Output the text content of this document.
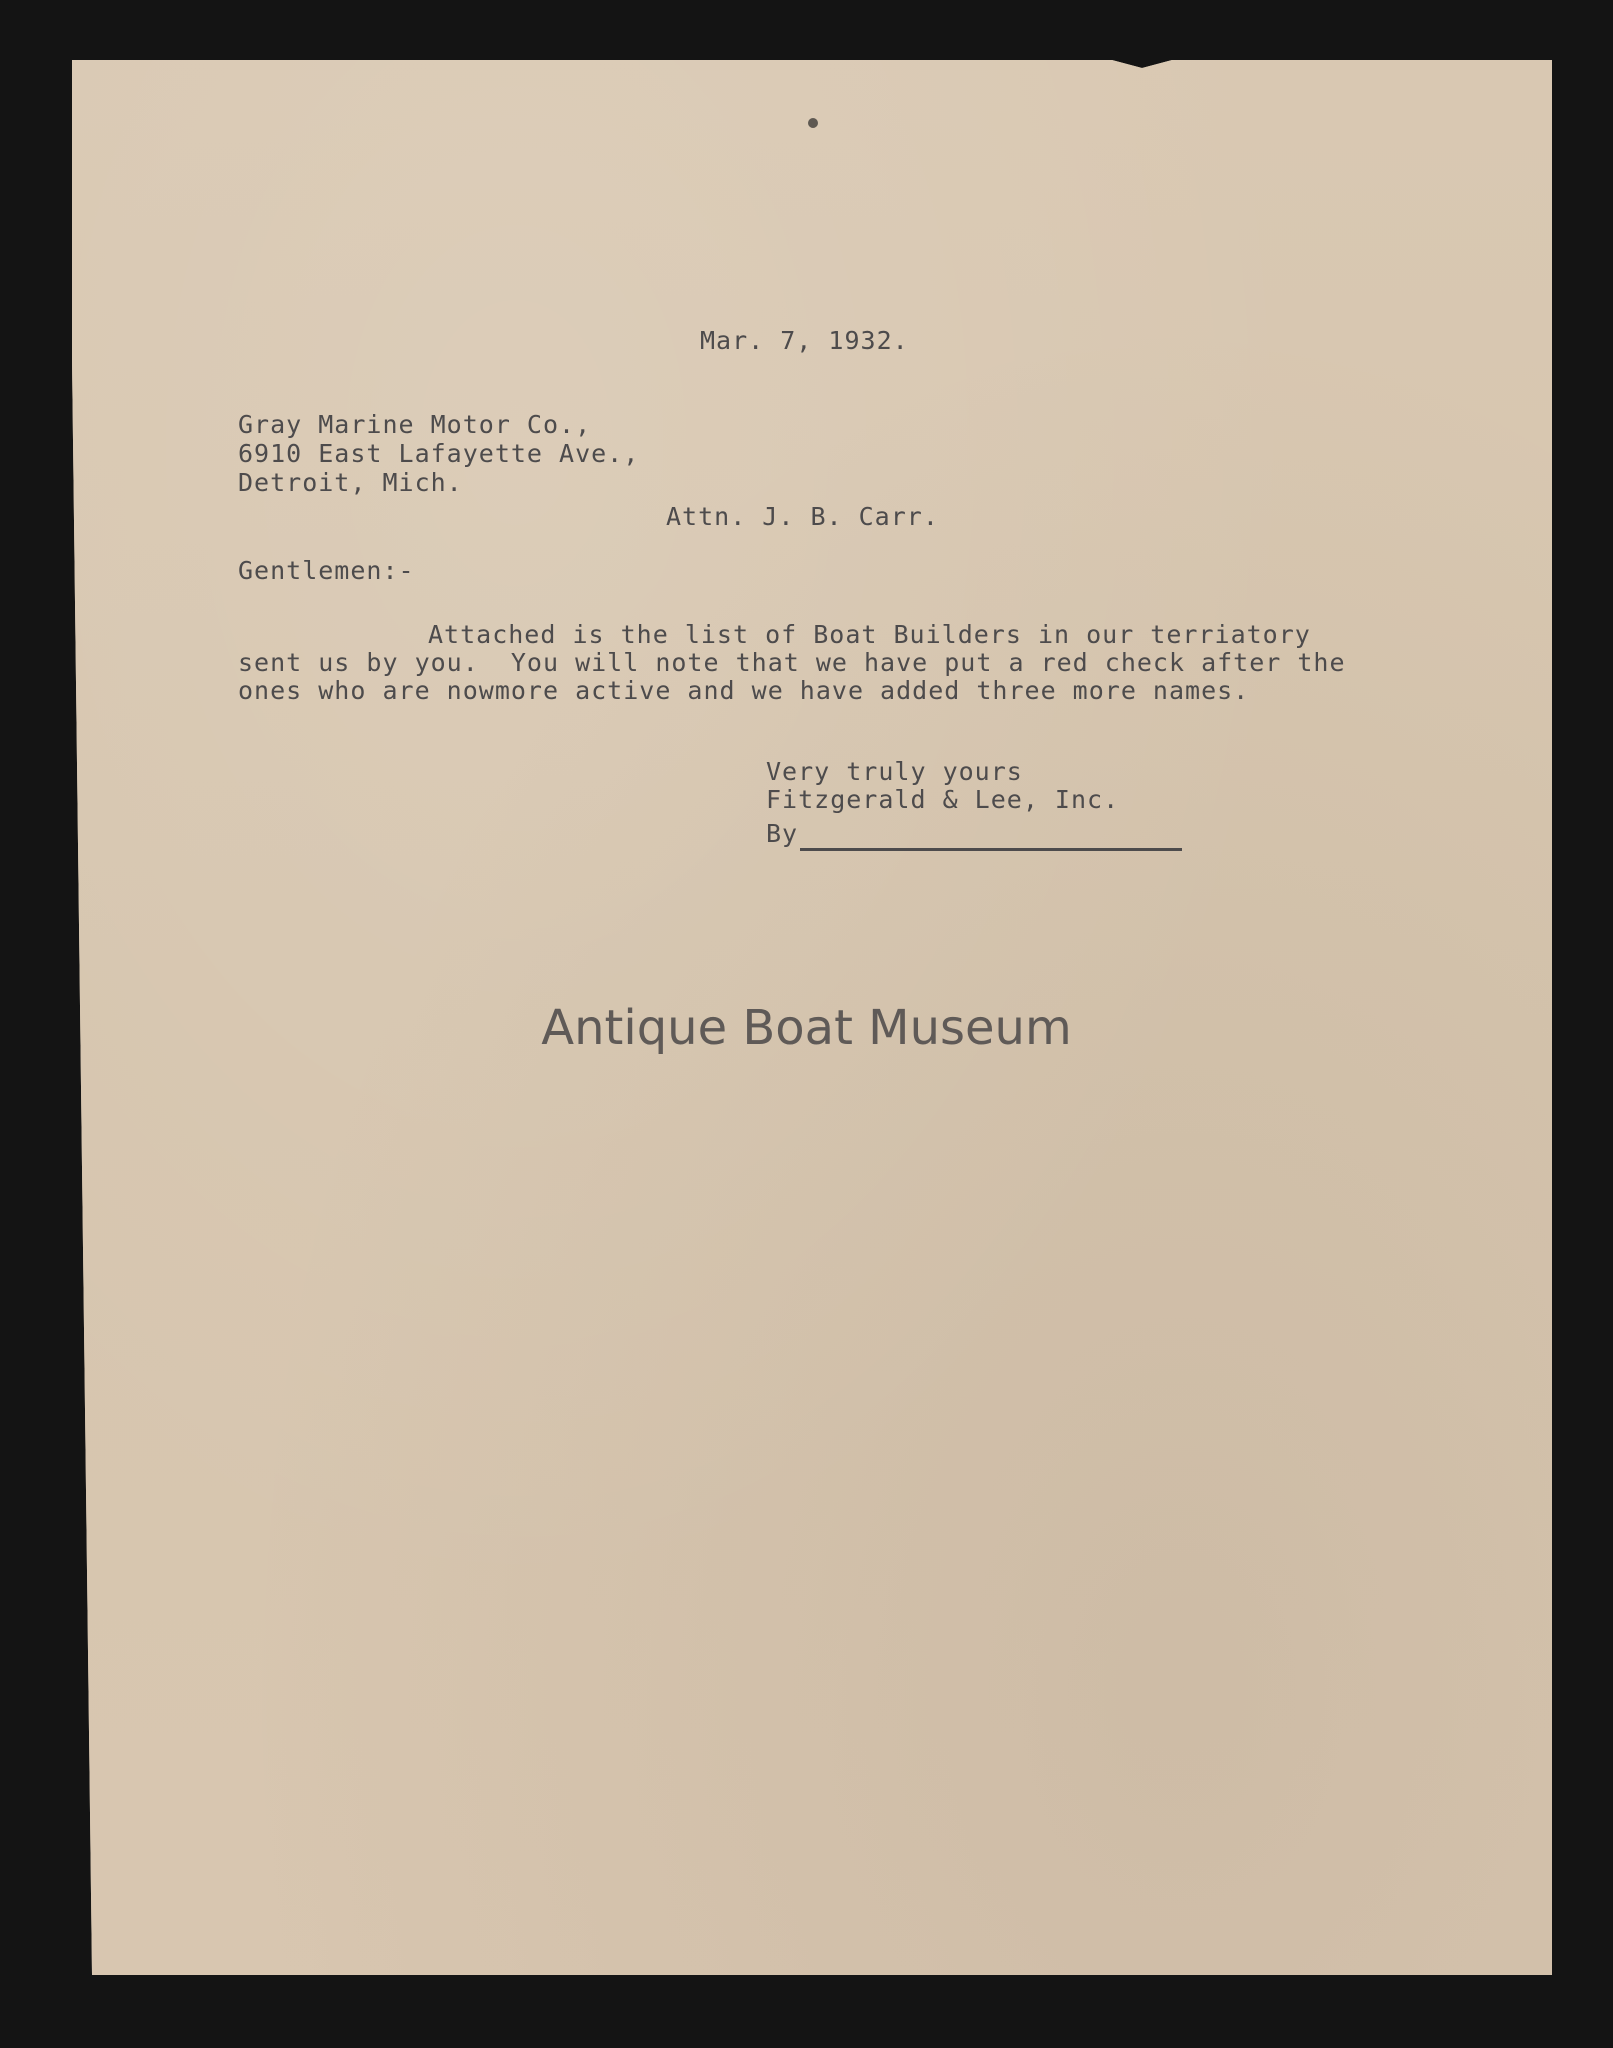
Mar. 7, 1932.
Gray Marine Motor Co.,
6910 East Lafayette Ave.,
Detroit, Mich.
Attn. J. B. Carr.
Gentlemen:-
Attached is the list of Boat Builders in our terriatory
sent us by you.  You will note that we have put a red check after the
ones who are nowmore active and we have added three more names.
Very truly yours
Fitzgerald & Lee, Inc.
By
Antique Boat Museum
